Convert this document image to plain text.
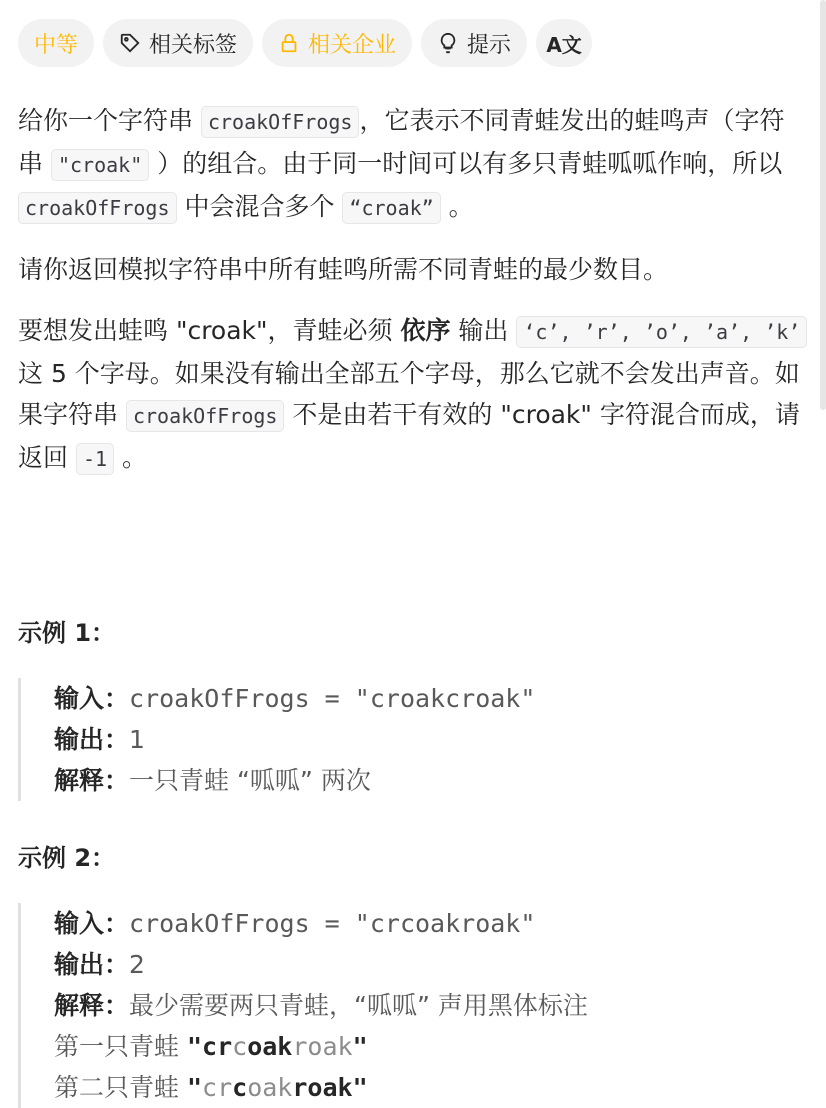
中等	相关标签	相关企业	提示 A文

给你一个字符串 croakOfFrogs ，它表示不同青蛙发出的蛙鸣声（字符串 "croak" ）的组合。由于同一时间可以有多只青蛙呱呱作响，所以 croakOfFrogs 中会混合多个 “croak” 。

请你返回模拟字符串中所有蛙鸣所需不同青蛙的最少数目。

要想发出蛙鸣 "croak"，青蛙必须 依序 输出 ‘c’, ’r’, ’o’, ’a’, ’k’ 这 5 个字母。如果没有输出全部五个字母，那么它就不会发出声音。如果字符串 croakOfFrogs 不是由若干有效的 "croak" 字符混合而成，请返回 -1 。

示例 1：
输入：croakOfFrogs = "croakcroak"
输出：1
解释：一只青蛙 “呱呱” 两次
示例 2：
输入：croakOfFrogs = "crcoakroak"
输出：2
解释：最少需要两只青蛙，“呱呱” 声用黑体标注
第一只青蛙 "crcoakroak"
第二只青蛙 "crcoakroak"
